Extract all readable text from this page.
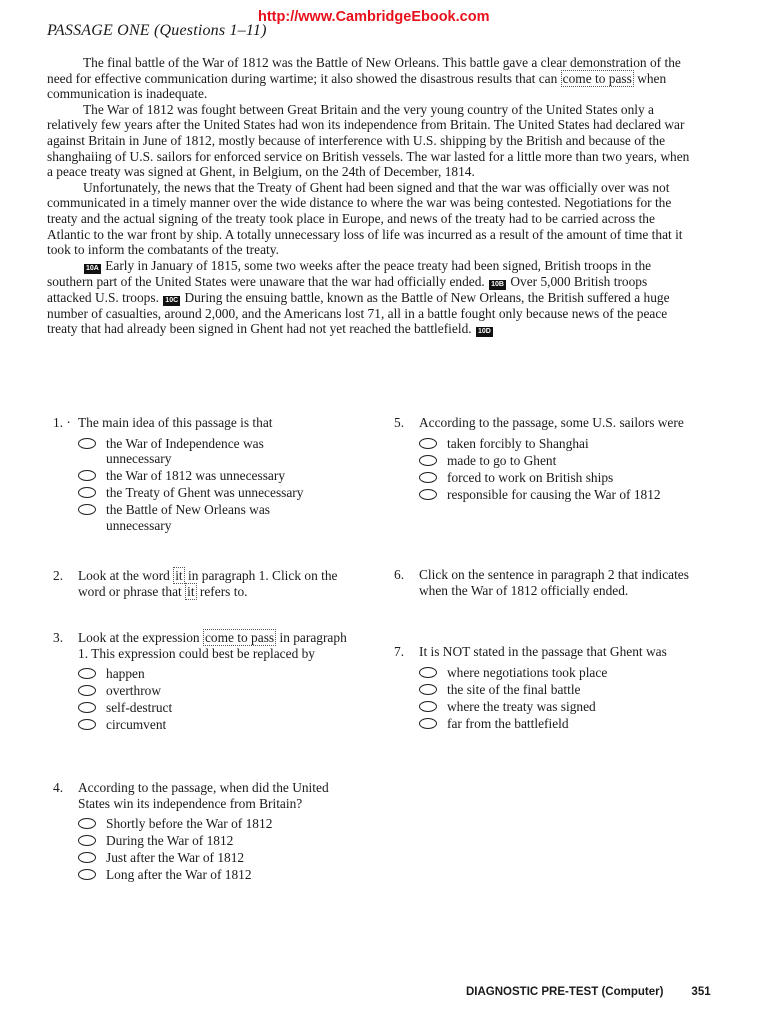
http://www.CambridgeEbook.com
PASSAGE ONE (Questions 1–11)

The final battle of the War of 1812 was the Battle of New Orleans. This battle gave a clear demonstration of the need for effective communication during wartime; it also showed the disastrous results that can come to pass when communication is inadequate.

The War of 1812 was fought between Great Britain and the very young country of the United States only a relatively few years after the United States had won its independence from Britain. The United States had declared war against Britain in June of 1812, mostly because of interference with U.S. shipping by the British and because of the shanghaiing of U.S. sailors for enforced service on British vessels. The war lasted for a little more than two years, when a peace treaty was signed at Ghent, in Belgium, on the 24th of December, 1814.

Unfortunately, the news that the Treaty of Ghent had been signed and that the war was officially over was not communicated in a timely manner over the wide distance to where the war was being contested. Negotiations for the treaty and the actual signing of the treaty took place in Europe, and news of the treaty had to be carried across the Atlantic to the war front by ship. A totally unnecessary loss of life was incurred as a result of the amount of time that it took to inform the combatants of the treaty.

10A Early in January of 1815, some two weeks after the peace treaty had been signed, British troops in the southern part of the United States were unaware that the war had officially ended. 10B Over 5,000 British troops attacked U.S. troops. 10C During the ensuing battle, known as the Battle of New Orleans, the British suffered a huge number of casualties, around 2,000, and the Americans lost 71, all in a battle fought only because news of the peace treaty that had already been signed in Ghent had not yet reached the battlefield. 10D

1. · The main idea of this passage is that
the War of Independence was unnecessary
the War of 1812 was unnecessary
the Treaty of Ghent was unnecessary
the Battle of New Orleans was unnecessary
2.	Look at the word it in paragraph 1. Click on the word or phrase that it refers to.
3.	Look at the expression come to pass in paragraph 1. This expression could best be replaced by
happen
overthrow
self-destruct
circumvent
4.	According to the passage, when did the United States win its independence from Britain?
Shortly before the War of 1812
During the War of 1812
Just after the War of 1812
Long after the War of 1812
5.	According to the passage, some U.S. sailors were
taken forcibly to Shanghai
made to go to Ghent
forced to work on British ships
responsible for causing the War of 1812
6.	Click on the sentence in paragraph 2 that indicates when the War of 1812 officially ended.
7.	It is NOT stated in the passage that Ghent was
where negotiations took place
the site of the final battle
where the treaty was signed
far from the battlefield
DIAGNOSTIC PRE-TEST (Computer) 351
